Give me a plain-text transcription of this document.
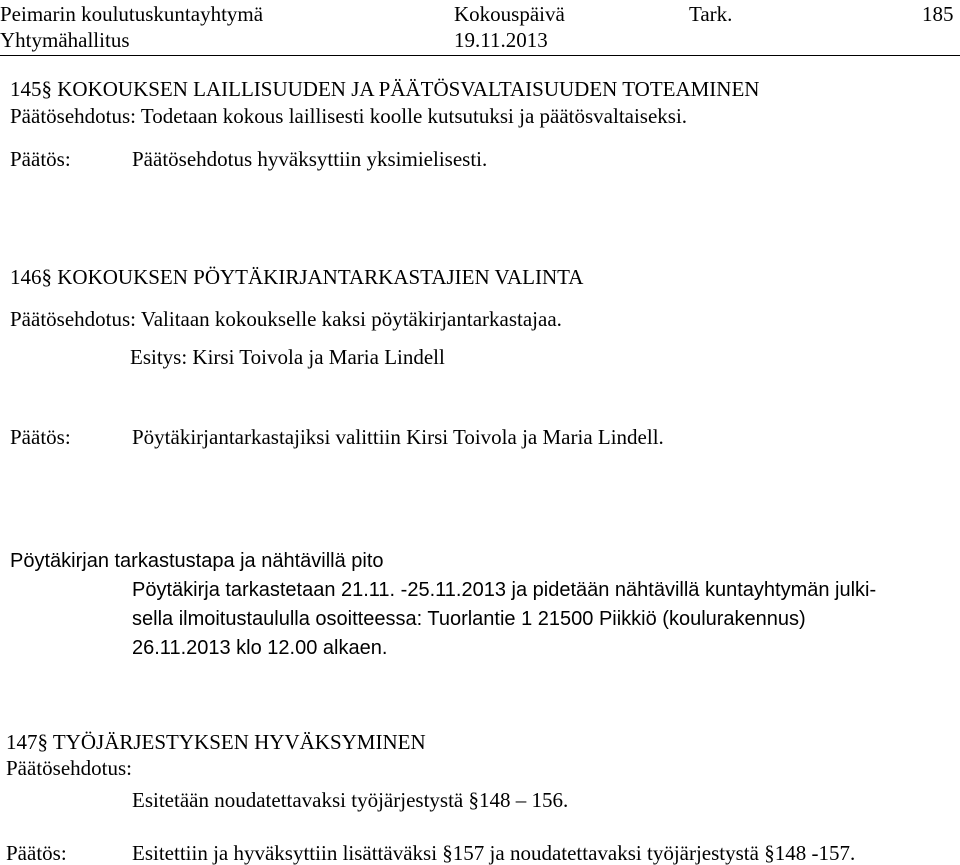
Peimarin koulutuskuntayhtymä
Yhtymähallitus
Kokouspäivä
19.11.2013
Tark.	185
145§ KOKOUKSEN LAILLISUUDEN JA PÄÄTÖSVALTAISUUDEN TOTEAMINEN
Päätösehdotus: Todetaan kokous laillisesti koolle kutsutuksi ja päätösvaltaiseksi.
Päätös:	Päätösehdotus hyväksyttiin yksimielisesti.
146§ KOKOUKSEN PÖYTÄKIRJANTARKASTAJIEN VALINTA
Päätösehdotus: Valitaan kokoukselle kaksi pöytäkirjantarkastajaa.
Esitys: Kirsi Toivola ja Maria Lindell
Päätös:	Pöytäkirjantarkastajiksi valittiin Kirsi Toivola ja Maria Lindell.
Pöytäkirjan tarkastustapa ja nähtävillä pito
Pöytäkirja tarkastetaan 21.11. -25.11.2013 ja pidetään nähtävillä kuntayhtymän julki-
sella ilmoitustaululla osoitteessa: Tuorlantie 1 21500 Piikkiö (koulurakennus)
26.11.2013 klo 12.00 alkaen.
147§ TYÖJÄRJESTYKSEN HYVÄKSYMINEN
Päätösehdotus:
Esitetään noudatettavaksi työjärjestystä §148 – 156.
Päätös:	Esitettiin ja hyväksyttiin lisättäväksi §157 ja noudatettavaksi työjärjestystä §148 -157.
